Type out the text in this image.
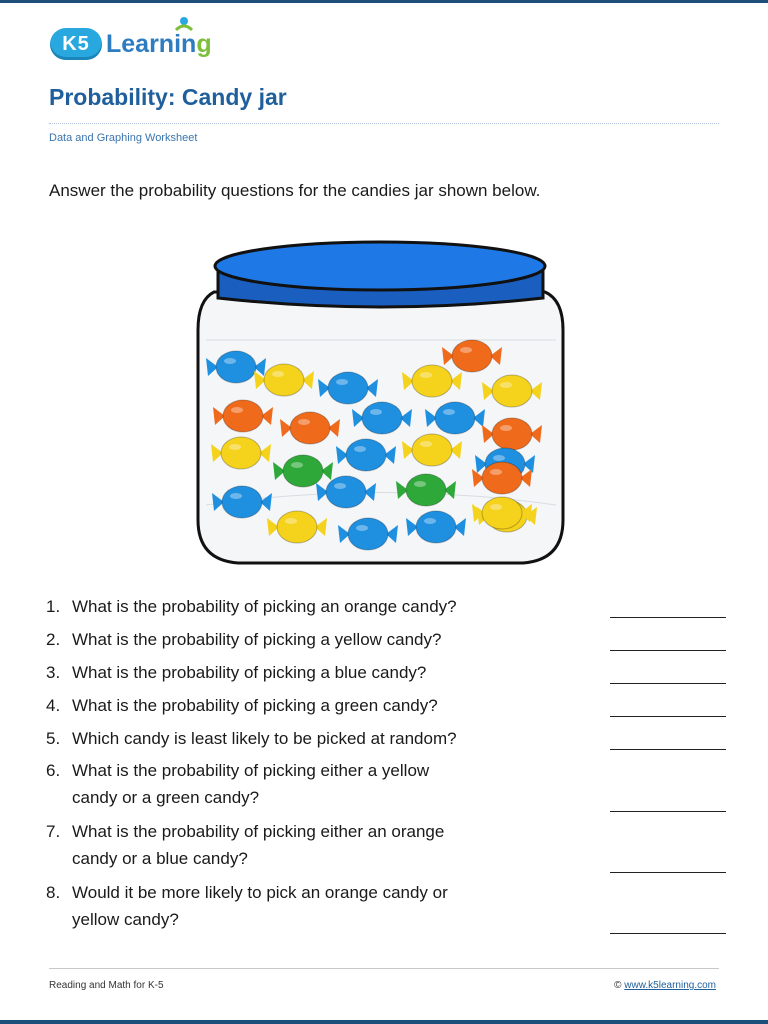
K5 Learning
Probability: Candy jar
Data and Graphing Worksheet
Answer the probability questions for the candies jar shown below.
1. What is the probability of picking an orange candy?
2. What is the probability of picking a yellow candy?
3. What is the probability of picking a blue candy?
4. What is the probability of picking a green candy?
5. Which candy is least likely to be picked at random?
6. What is the probability of picking either a yellow
candy or a green candy?
7. What is the probability of picking either an orange
candy or a blue candy?
8. Would it be more likely to pick an orange candy or
yellow candy?
Reading and Math for K-5	© www.k5learning.com
